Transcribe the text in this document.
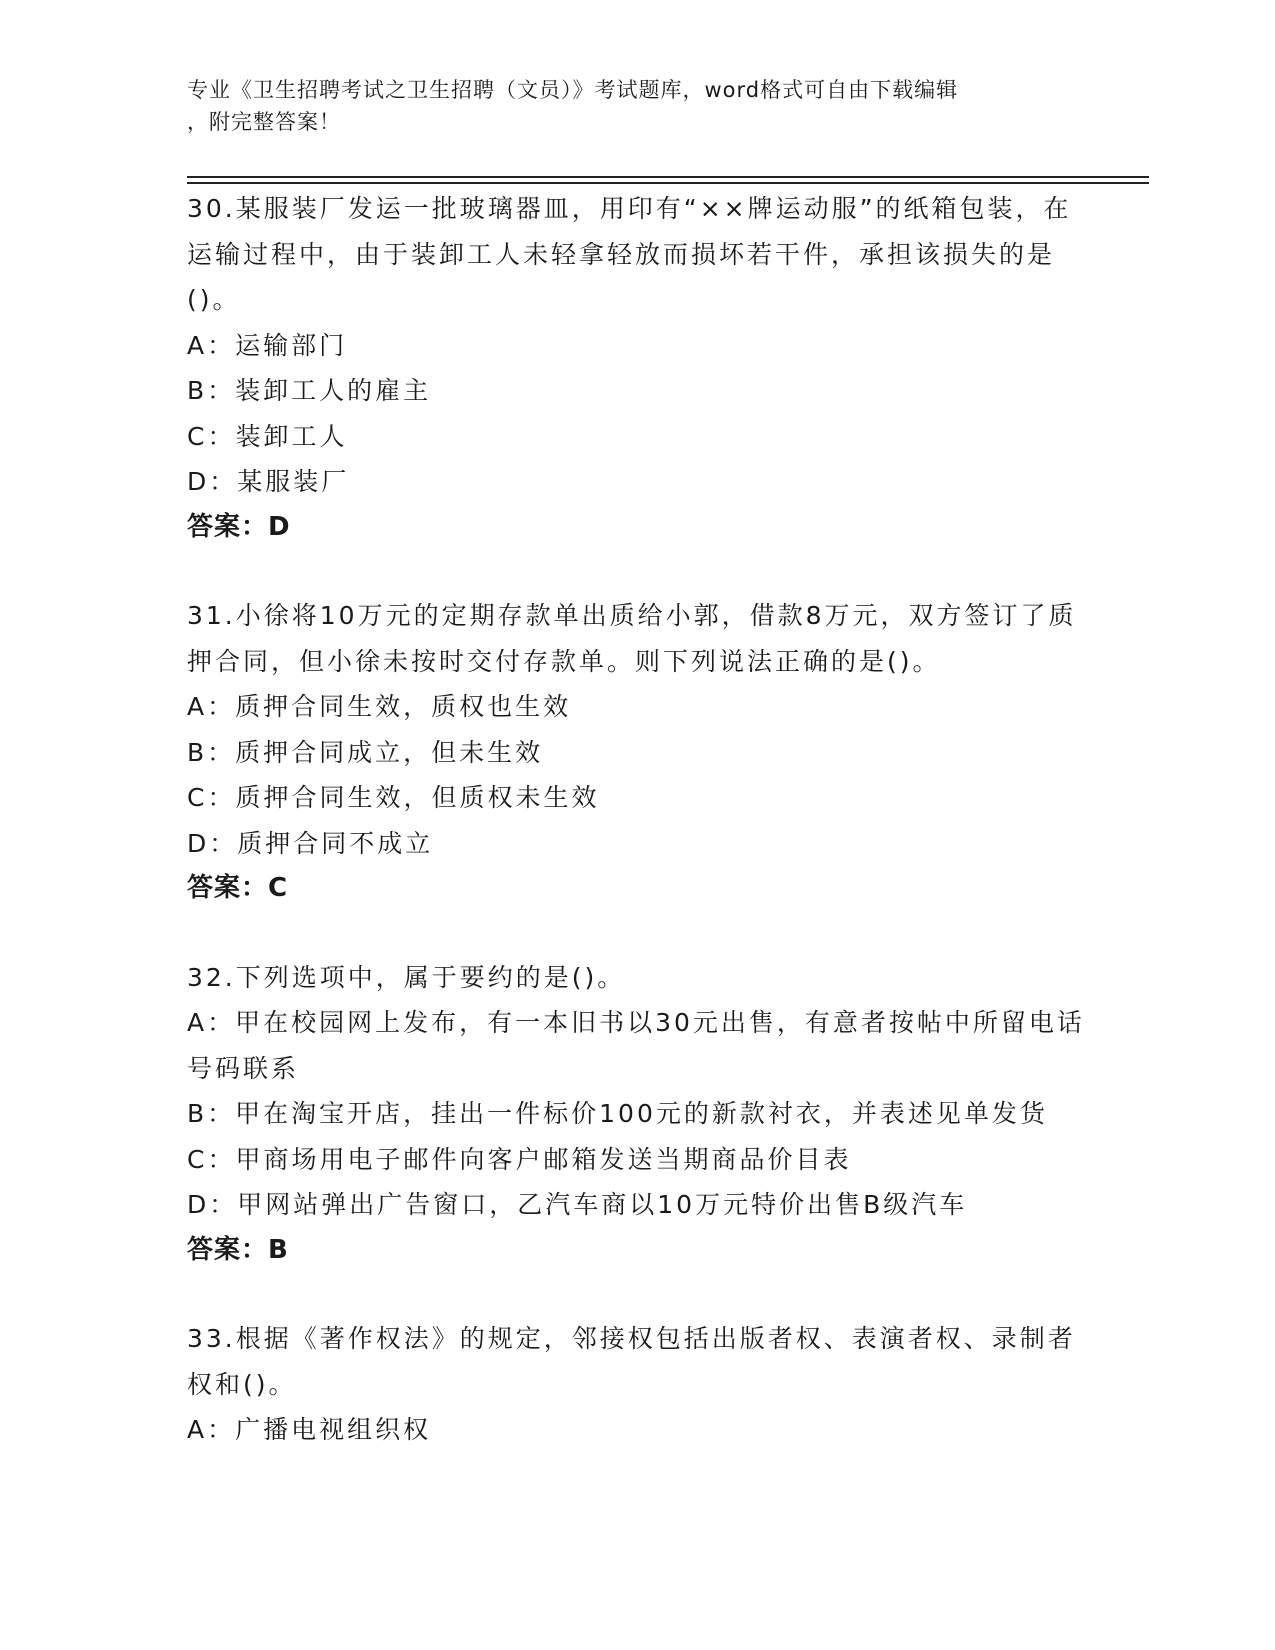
专业《卫生招聘考试之卫生招聘（文员）》考试题库，word格式可自由下载编辑
，附完整答案！

30.某服装厂发运一批玻璃器皿，用印有“××牌运动服”的纸箱包装，在运输过程中，由于装卸工人未轻拿轻放而损坏若干件，承担该损失的是()。

A：运输部门

B：装卸工人的雇主

C：装卸工人

D：某服装厂

答案：D

31.小徐将10万元的定期存款单出质给小郭，借款8万元，双方签订了质押合同，但小徐未按时交付存款单。则下列说法正确的是()。

A：质押合同生效，质权也生效

B：质押合同成立，但未生效

C：质押合同生效，但质权未生效

D：质押合同不成立

答案：C

32.下列选项中，属于要约的是()。

A：甲在校园网上发布，有一本旧书以30元出售，有意者按帖中所留电话号码联系

B：甲在淘宝开店，挂出一件标价100元的新款衬衣，并表述见单发货

C：甲商场用电子邮件向客户邮箱发送当期商品价目表

D：甲网站弹出广告窗口，乙汽车商以10万元特价出售B级汽车

答案：B

33.根据《著作权法》的规定，邻接权包括出版者权、表演者权、录制者权和()。

A：广播电视组织权
